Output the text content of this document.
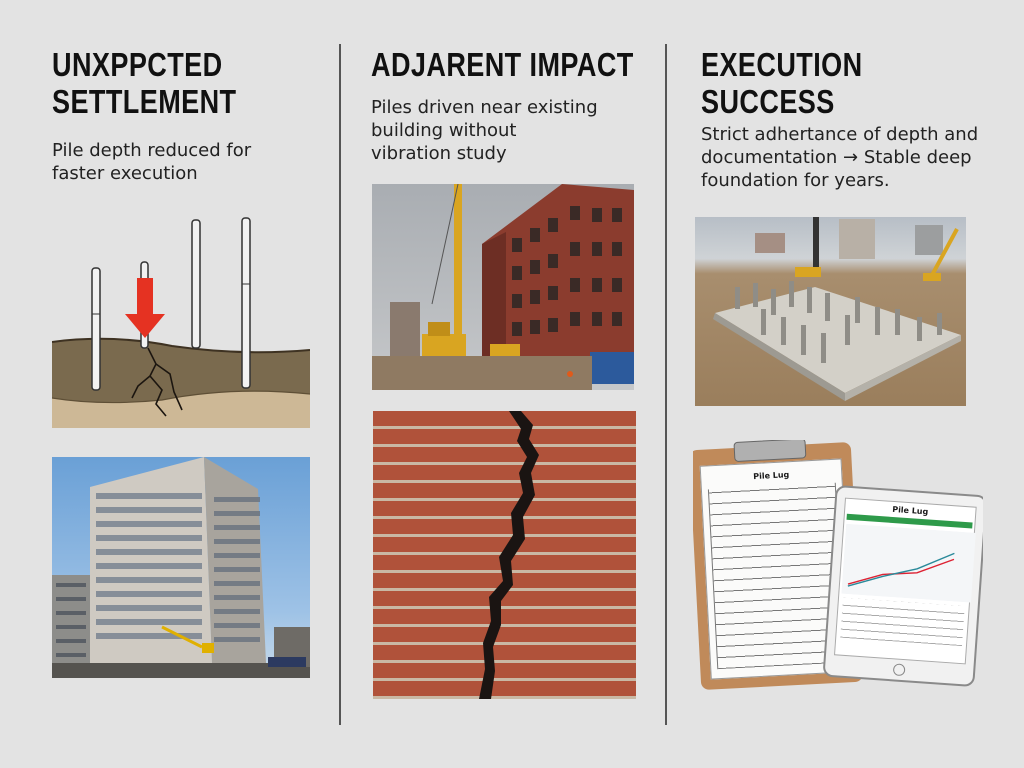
UNXPPCTED
SETTLEMENT
Pile depth reduced for
faster execution
ADJARENT IMPACT
Piles driven near existing
building without
vibration study
EXECUTION
SUCCESS
Strict adhertance of depth and
documentation → Stable deep
foundation for years.
Pile Lug
Pile Lug
